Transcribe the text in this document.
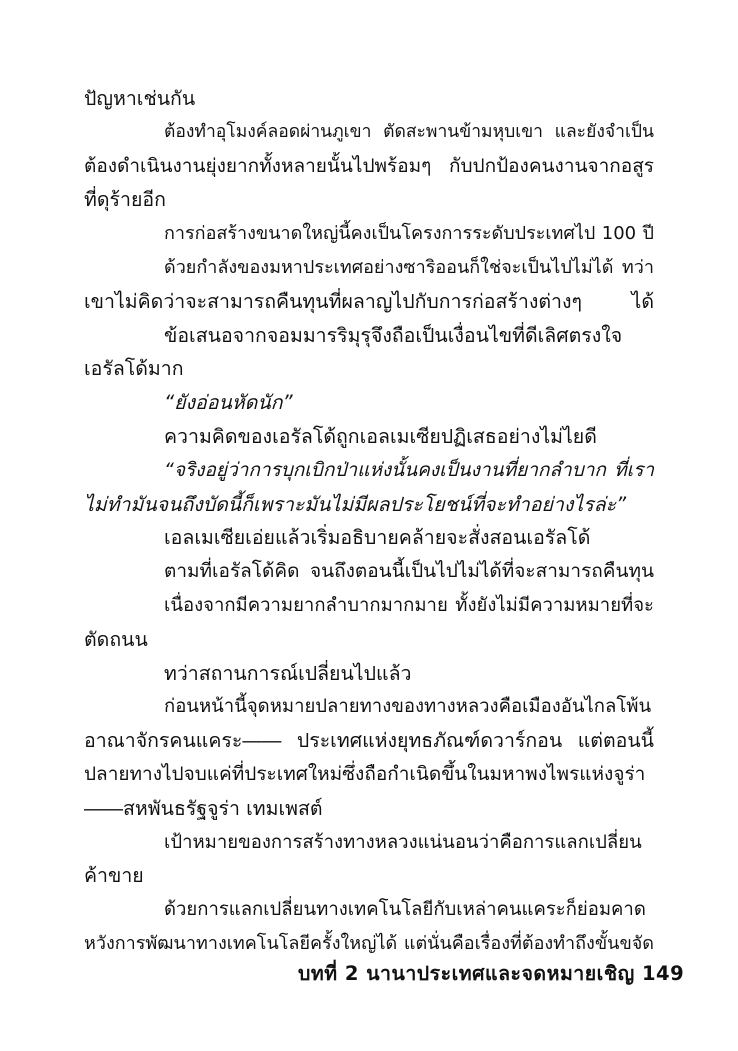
ปัญหาเช่นกัน
ต้องทำอุโมงค์ลอดผ่านภูเขา ตัดสะพานข้ามหุบเขา และยังจำเป็น
ต้องดำเนินงานยุ่งยากทั้งหลายนั้นไปพร้อมๆ กับปกป้องคนงานจากอสูร
ที่ดุร้ายอีก
การก่อสร้างขนาดใหญ่นี้คงเป็นโครงการระดับประเทศไป 100 ปี
ด้วยกำลังของมหาประเทศอย่างซาริออนก็ใช่จะเป็นไปไม่ได้ ทว่า
เขาไม่คิดว่าจะสามารถคืนทุนที่ผลาญไปกับการก่อสร้างต่างๆ ได้
ข้อเสนอจากจอมมารริมุรุจึงถือเป็นเงื่อนไขที่ดีเลิศตรงใจ
เอรัลโด้มาก
“ยังอ่อนหัดนัก”
ความคิดของเอรัลโด้ถูกเอลเมเซียปฏิเสธอย่างไม่ไยดี
“จริงอยู่ว่าการบุกเบิกป่าแห่งนั้นคงเป็นงานที่ยากลำบาก ที่เรา
ไม่ทำมันจนถึงบัดนี้ก็เพราะมันไม่มีผลประโยชน์ที่จะทำอย่างไรล่ะ”
เอลเมเซียเอ่ยแล้วเริ่มอธิบายคล้ายจะสั่งสอนเอรัลโด้
ตามที่เอรัลโด้คิด จนถึงตอนนี้เป็นไปไม่ได้ที่จะสามารถคืนทุน
เนื่องจากมีความยากลำบากมากมาย ทั้งยังไม่มีความหมายที่จะ
ตัดถนน
ทว่าสถานการณ์เปลี่ยนไปแล้ว
ก่อนหน้านี้จุดหมายปลายทางของทางหลวงคือเมืองอันไกลโพ้น
อาณาจักรคนแคระ―― ประเทศแห่งยุทธภัณฑ์ดวาร์กอน แต่ตอนนี้
ปลายทางไปจบแค่ที่ประเทศใหม่ซึ่งถือกำเนิดขึ้นในมหาพงไพรแห่งจูร่า
――สหพันธรัฐจูร่า เทมเพสต์
เป้าหมายของการสร้างทางหลวงแน่นอนว่าคือการแลกเปลี่ยน
ค้าขาย
ด้วยการแลกเปลี่ยนทางเทคโนโลยีกับเหล่าคนแคระก็ย่อมคาด
หวังการพัฒนาทางเทคโนโลยีครั้งใหญ่ได้ แต่นั่นคือเรื่องที่ต้องทำถึงขั้นขจัด
บทที่ 2 นานาประเทศและจดหมายเชิญ 149
